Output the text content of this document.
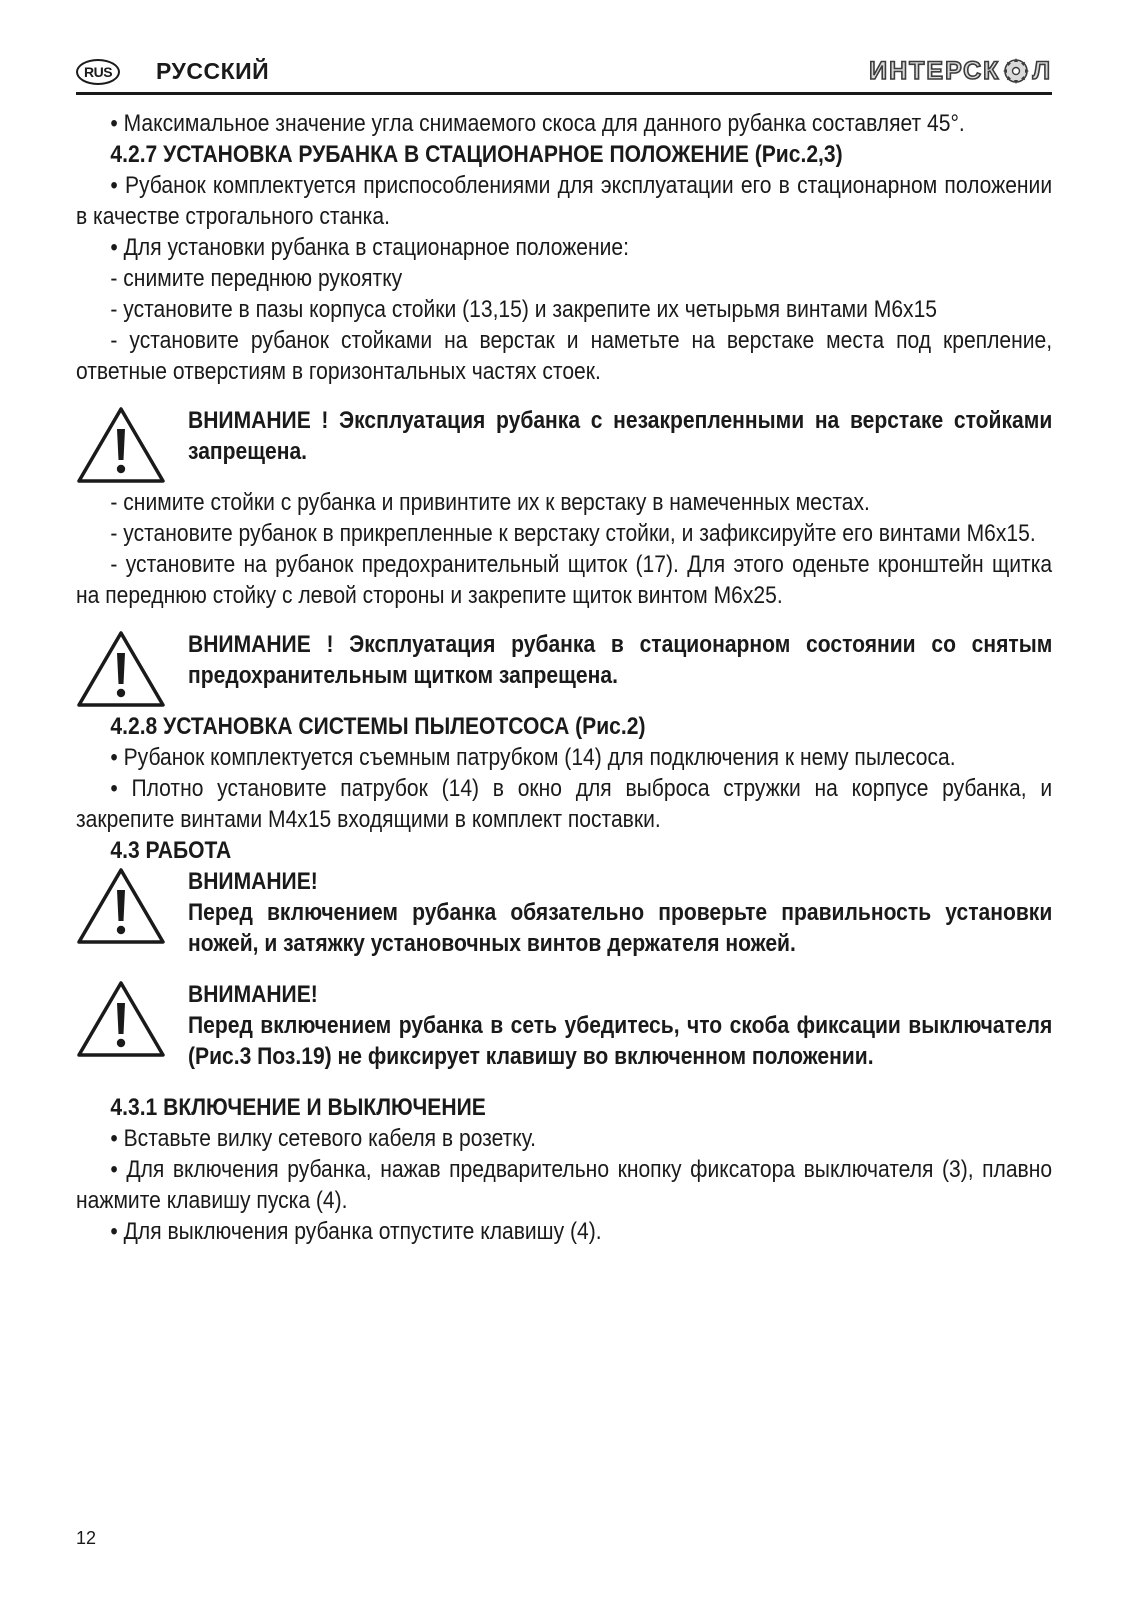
RUS	РУССКИЙ	ИНТЕРСК Л

• Максимальное значение угла снимаемого скоса для данного рубанка составляет 45°.

4.2.7 УСТАНОВКА РУБАНКА В СТАЦИОНАРНОЕ ПОЛОЖЕНИЕ (Рис.2,3)

• Рубанок комплектуется приспособлениями для эксплуатации его в стационарном положении в качестве строгального станка.

• Для установки рубанка в стационарное положение:

- снимите переднюю рукоятку

- установите в пазы корпуса стойки (13,15) и закрепите их четырьмя винтами М6х15

- установите рубанок стойками на верстак и наметьте на верстаке места под крепление, ответные отверстиям в горизонтальных частях стоек.

ВНИМАНИЕ ! Эксплуатация рубанка с незакрепленными на верстаке стойками запрещена.

- снимите стойки с рубанка и привинтите их к верстаку в намеченных местах.

- установите рубанок в прикрепленные к верстаку стойки, и зафиксируйте его винтами М6х15.

- установите на рубанок предохранительный щиток (17). Для этого оденьте кронштейн щитка на переднюю стойку с левой стороны и закрепите щиток винтом М6х25.

ВНИМАНИЕ ! Эксплуатация рубанка в стационарном состоянии со снятым предохранительным щитком запрещена.
4.2.8 УСТАНОВКА СИСТЕМЫ ПЫЛЕОТСОСА (Рис.2)

• Рубанок комплектуется съемным патрубком (14) для подключения к нему пылесоса.

• Плотно установите патрубок (14) в окно для выброса стружки на корпусе рубанка, и закрепите винтами М4х15 входящими в комплект поставки.

4.3 РАБОТА
ВНИМАНИЕ!
Перед включением рубанка обязательно проверьте правильность установки ножей, и затяжку установочных винтов держателя ножей.
ВНИМАНИЕ!
Перед включением рубанка в сеть убедитесь, что скоба фиксации выключателя (Рис.3 Поз.19) не фиксирует клавишу во включенном положении.
4.3.1 ВКЛЮЧЕНИЕ И ВЫКЛЮЧЕНИЕ

• Вставьте вилку сетевого кабеля в розетку.

• Для включения рубанка, нажав предварительно кнопку фиксатора выключателя (3), плавно нажмите клавишу пуска (4).

• Для выключения рубанка отпустите клавишу (4).

12
